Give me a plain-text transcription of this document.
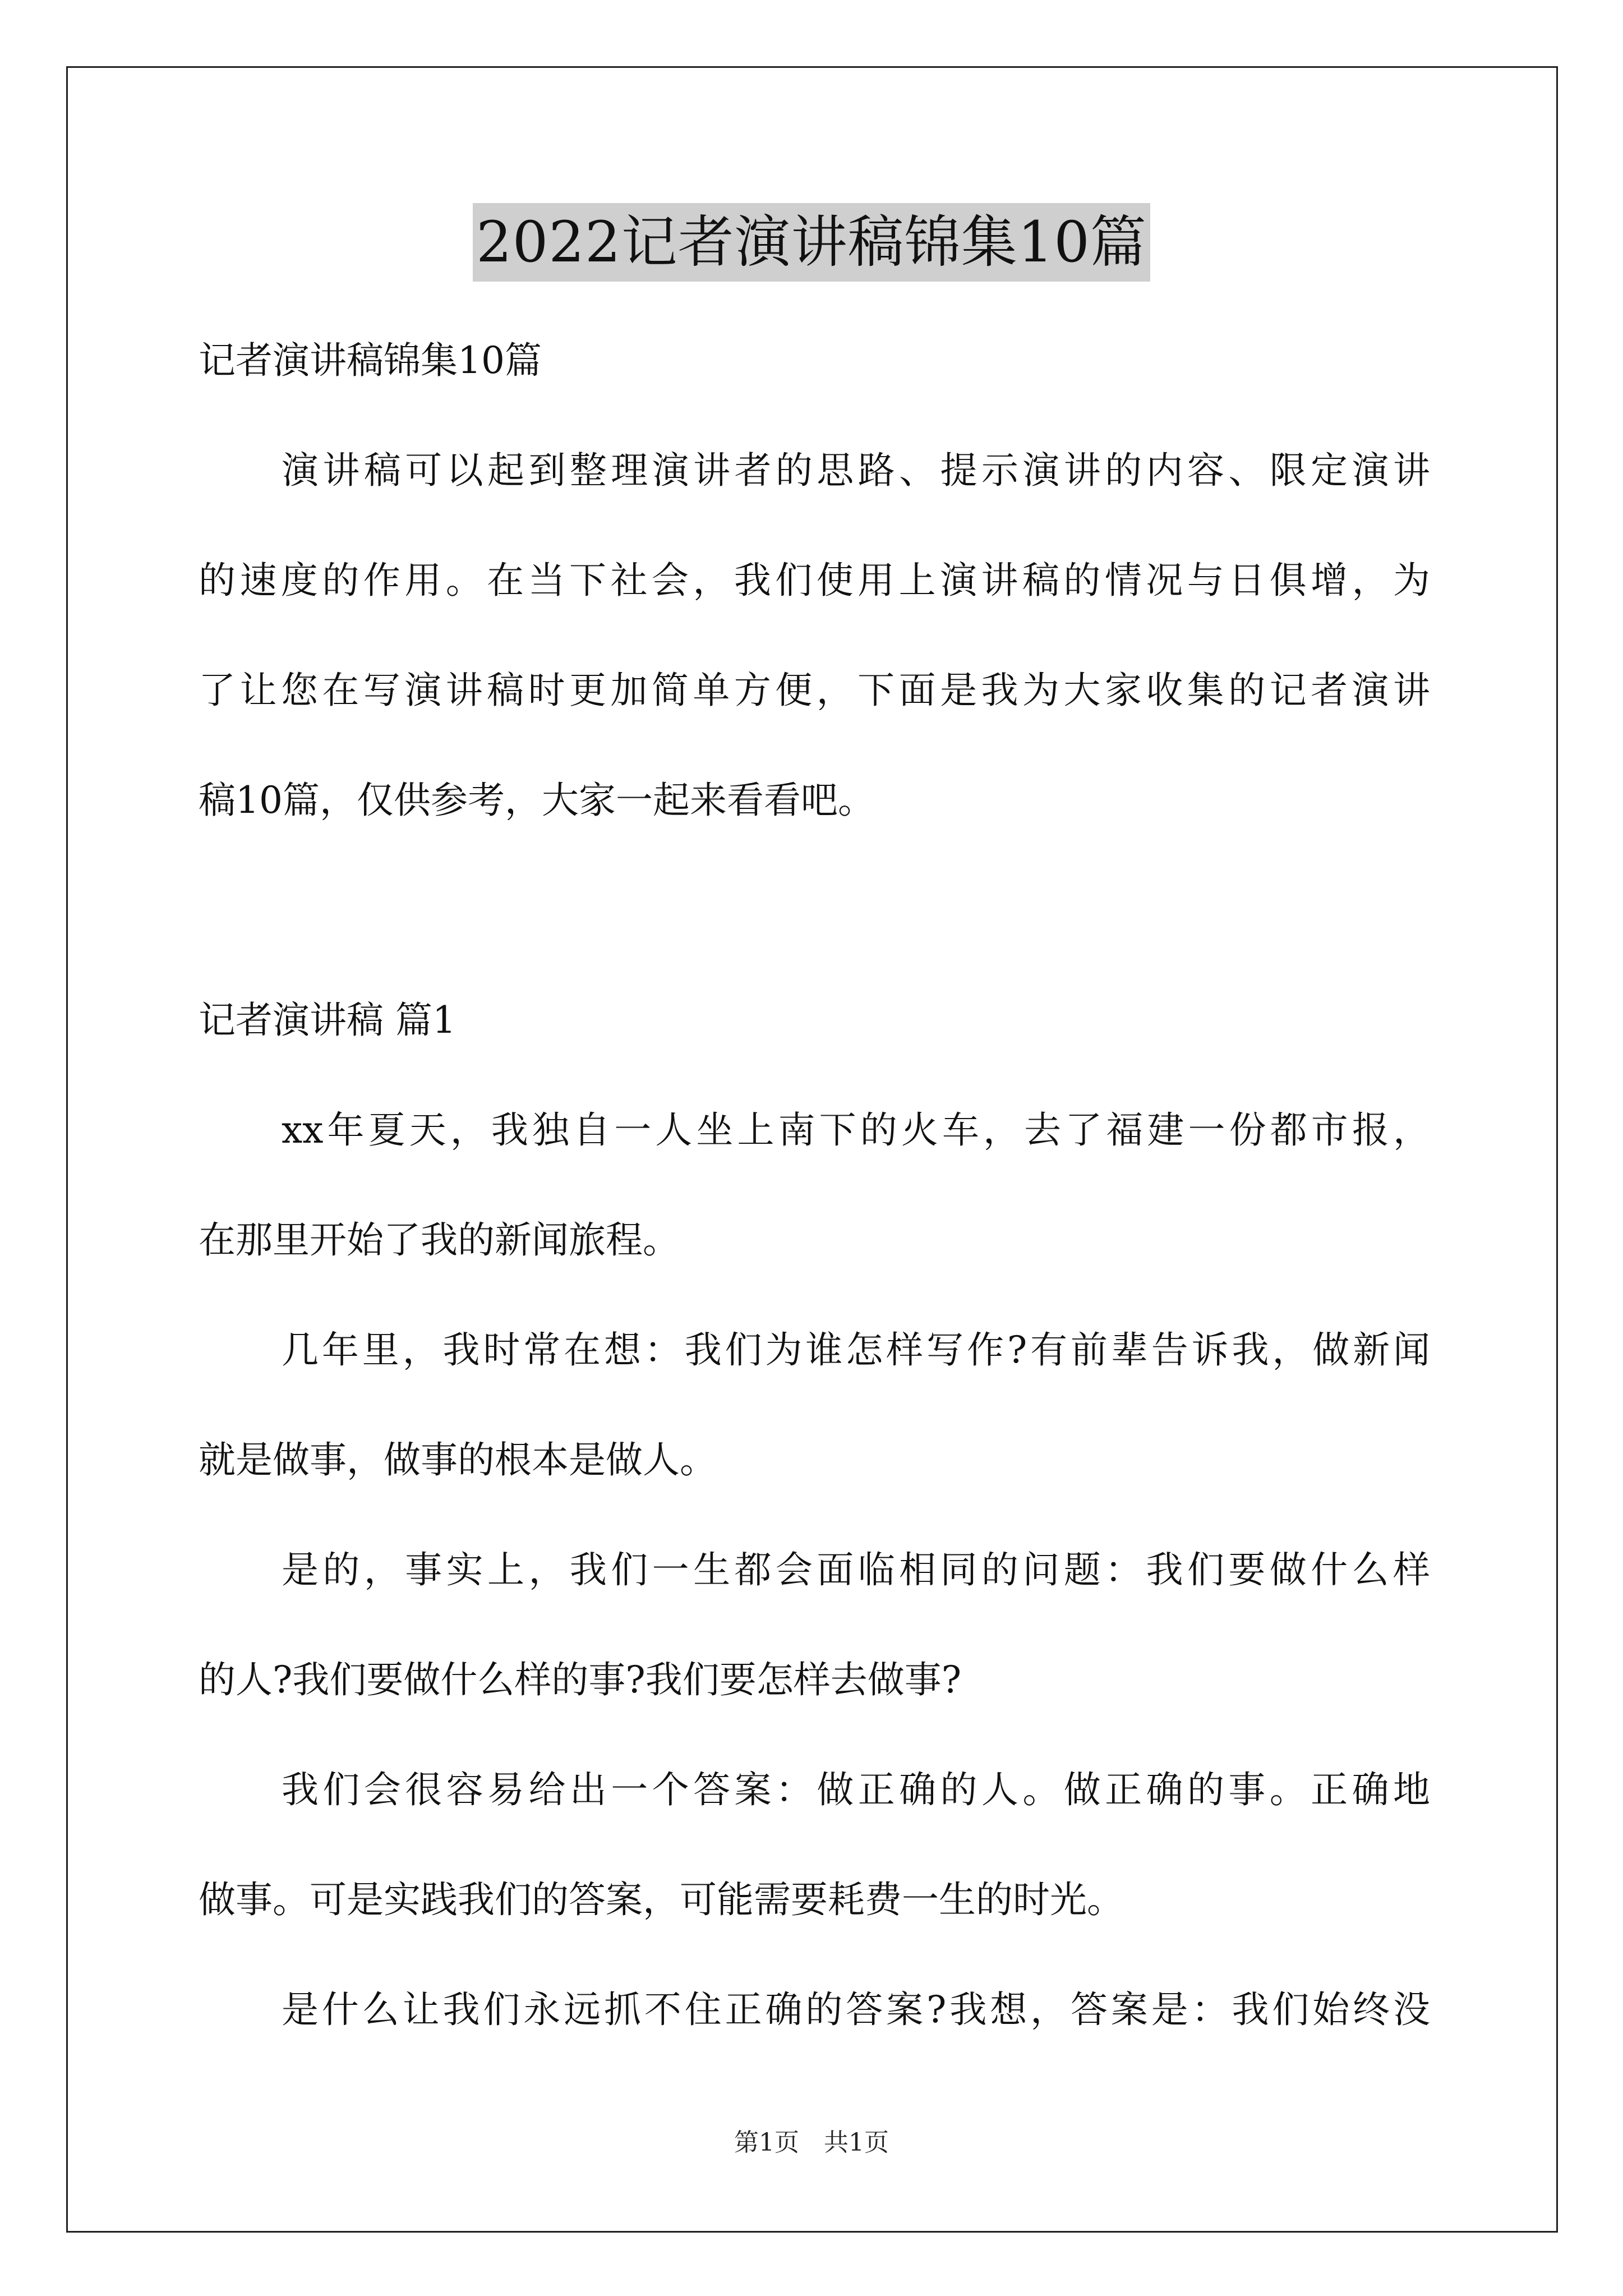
2022记者演讲稿锦集10篇
记者演讲稿锦集10篇
演讲稿可以起到整理演讲者的思路、提示演讲的内容、限定演讲
的速度的作用。在当下社会，我们使用上演讲稿的情况与日俱增，为
了让您在写演讲稿时更加简单方便，下面是我为大家收集的记者演讲
稿10篇，仅供参考，大家一起来看看吧。
记者演讲稿 篇1
xx年夏天，我独自一人坐上南下的火车，去了福建一份都市报，
在那里开始了我的新闻旅程。
几年里，我时常在想：我们为谁怎样写作?有前辈告诉我，做新闻
就是做事，做事的根本是做人。
是的，事实上，我们一生都会面临相同的问题：我们要做什么样
的人?我们要做什么样的事?我们要怎样去做事?
我们会很容易给出一个答案：做正确的人。做正确的事。正确地
做事。可是实践我们的答案，可能需要耗费一生的时光。
是什么让我们永远抓不住正确的答案?我想，答案是：我们始终没
第1页　共1页
